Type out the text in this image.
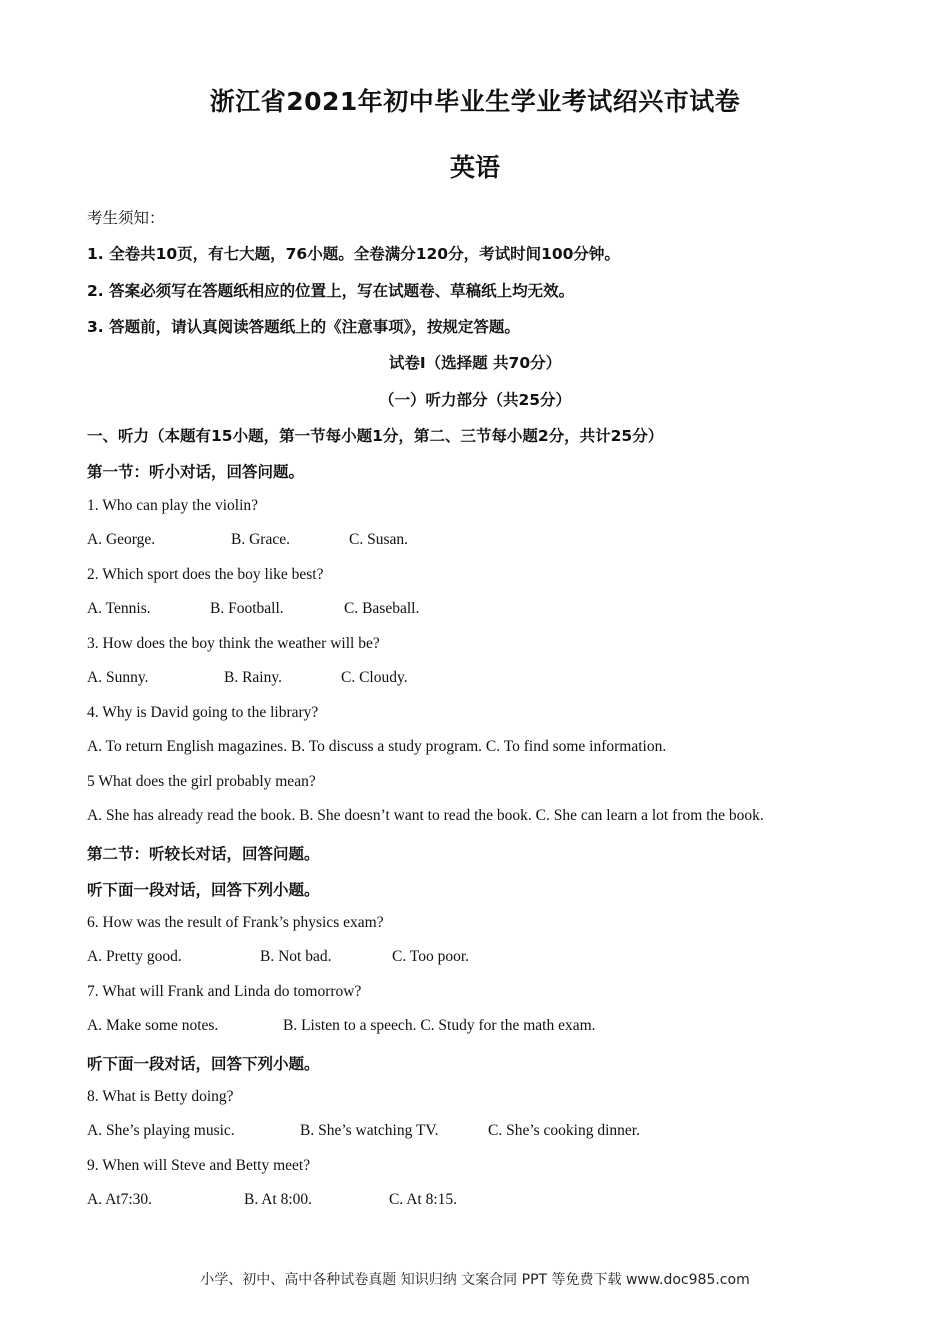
浙江省2021年初中毕业生学业考试绍兴市试卷
英语
考生须知：
1. 全卷共10页，有七大题，76小题。全卷满分120分，考试时间100分钟。
2. 答案必须写在答题纸相应的位置上，写在试题卷、草稿纸上均无效。
3. 答题前，请认真阅读答题纸上的《注意事项》，按规定答题。
试卷I（选择题 共70分）
（一）听力部分（共25分）
一、听力（本题有15小题，第一节每小题1分，第二、三节每小题2分，共计25分）
第一节：听小对话，回答问题。
1. Who can play the violin?
A. George.	B. Grace.	C. Susan.
2. Which sport does the boy like best?
A. Tennis.	B. Football.	C. Baseball.
3. How does the boy think the weather will be?
A. Sunny.	B. Rainy.	C. Cloudy.
4. Why is David going to the library?
A. To return English magazines. B. To discuss a study program. C. To find some information.
5 What does the girl probably mean?
A. She has already read the book. B. She doesn’t want to read the book. C. She can learn a lot from the book.
第二节：听较长对话，回答问题。
听下面一段对话，回答下列小题。
6. How was the result of Frank’s physics exam?
A. Pretty good.	B. Not bad.	C. Too poor.
7. What will Frank and Linda do tomorrow?
A. Make some notes.	B. Listen to a speech. C. Study for the math exam.
听下面一段对话，回答下列小题。
8. What is Betty doing?
A. She’s playing music.	B. She’s watching TV.	C. She’s cooking dinner.
9. When will Steve and Betty meet?
A. At7:30.	B. At 8:00.	C. At 8:15.
小学、初中、高中各种试卷真题 知识归纳 文案合同 PPT 等免费下载 www.doc985.com
